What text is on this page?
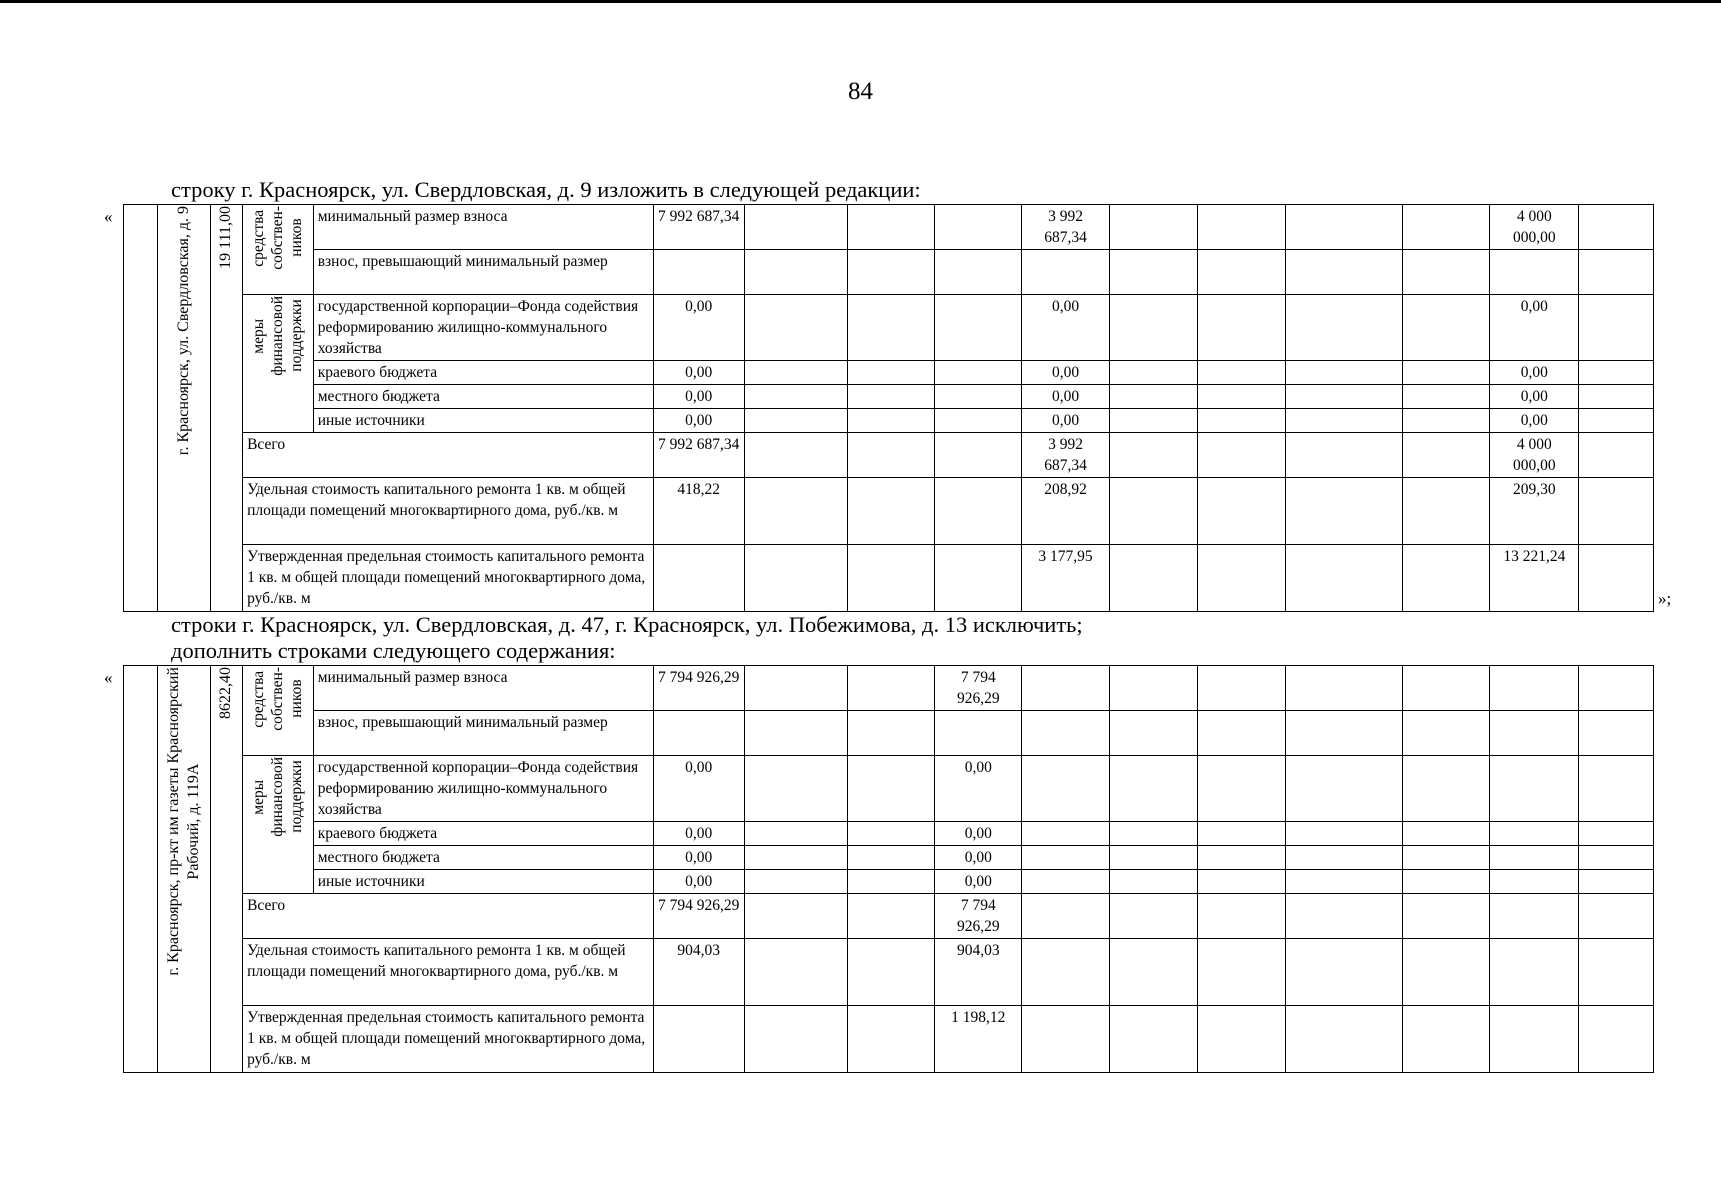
84
строку г. Красноярск, ул. Свердловская, д. 9 изложить в следующей редакции:
«
		г. Красноярск, ул. Свердловская, д. 9	19 111,00	средства собствен- ников	минимальный размер взноса	7 992 687,34				3 992 687,34					4 000 000,00	
				взнос, превышающий минимальный размер											
			меры финансовой поддержки	государственной корпорации–Фонда содействия реформированию жилищно-коммунального хозяйства	0,00				0,00					0,00	
				краевого бюджета	0,00				0,00					0,00	
				местного бюджета	0,00				0,00					0,00	
				иные источники	0,00				0,00					0,00	
			Всего		7 992 687,34				3 992 687,34					4 000 000,00	
			Удельная стоимость капитального ремонта 1 кв. м общей площади помещений многоквартирного дома, руб./кв. м		418,22				208,92					209,30	
			Утвержденная предельная стоимость капитального ремонта 1 кв. м общей площади помещений многоквартирного дома, руб./кв. м						3 177,95					13 221,24	
»;
строки г. Красноярск, ул. Свердловская, д. 47, г. Красноярск, ул. Побежимова, д. 13 исключить;
дополнить строками следующего содержания:
«
		г. Красноярск, пр-кт им газеты Красноярский Рабочий, д. 119А	8622,40	средства собствен- ников	минимальный размер взноса	7 794 926,29			7 794 926,29							
				взнос, превышающий минимальный размер											
			меры финансовой поддержки	государственной корпорации–Фонда содействия реформированию жилищно-коммунального хозяйства	0,00			0,00							
				краевого бюджета	0,00			0,00							
				местного бюджета	0,00			0,00							
				иные источники	0,00			0,00							
			Всего		7 794 926,29			7 794 926,29							
			Удельная стоимость капитального ремонта 1 кв. м общей площади помещений многоквартирного дома, руб./кв. м		904,03			904,03							
			Утвержденная предельная стоимость капитального ремонта 1 кв. м общей площади помещений многоквартирного дома, руб./кв. м					1 198,12							
